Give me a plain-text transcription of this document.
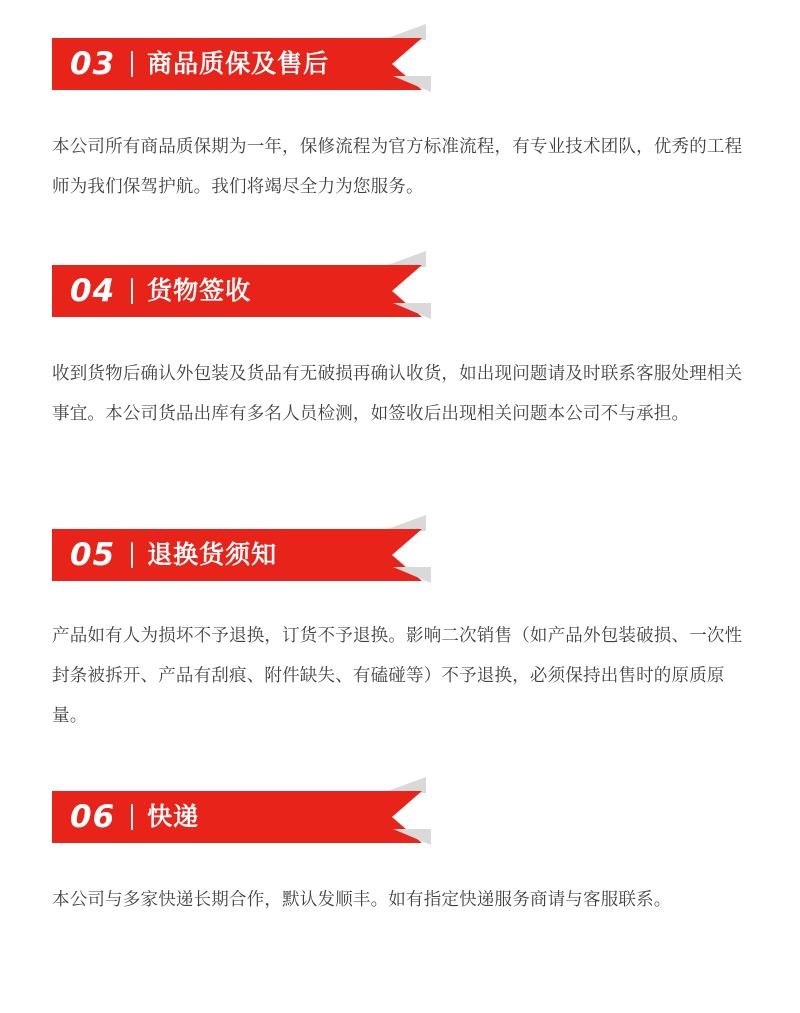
03 商品质保及售后

本公司所有商品质保期为一年，保修流程为官方标准流程，有专业技术团队，优秀的工程师为我们保驾护航。我们将竭尽全力为您服务。

04 货物签收

收到货物后确认外包装及货品有无破损再确认收货，如出现问题请及时联系客服处理相关事宜。本公司货品出库有多名人员检测，如签收后出现相关问题本公司不与承担。

05 退换货须知

产品如有人为损坏不予退换，订货不予退换。影响二次销售（如产品外包装破损、一次性封条被拆开、产品有刮痕、附件缺失、有磕碰等）不予退换，必须保持出售时的原质原量。

06 快递

本公司与多家快递长期合作，默认发顺丰。如有指定快递服务商请与客服联系。
